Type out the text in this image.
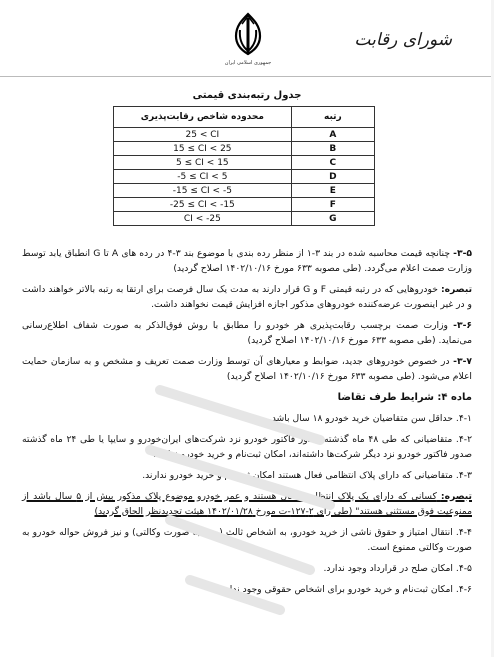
جمهوری اسلامی ایران
شورای رقابت
جدول رتبه‌بندی قیمتی
رتبه	محدوده شاخص رقابت‌پذیری
A	25 < CI
B	15 ≤ CI < 25
C	5 ≤ CI < 15
D	-5 ≤ CI < 5
E	-15 ≤ CI < -5
F	-25 ≤ CI < -15
G	CI < -25

۳-۵- چنانچه قیمت محاسبه شده در بند ۳-۱ از منظر رده بندی با موضوع بند ۳-۴ در رده های A تا G انطباق یابد توسط وزارت صمت اعلام می‌گردد. (طی مصوبه ۶۳۳ مورخ ۱۴۰۲/۱۰/۱۶ اصلاح گردید)

تبصره: خودروهایی که در رتبه قیمتی F و G قرار دارند به مدت یک سال فرصت برای ارتقا به رتبه بالاتر خواهند داشت و در غیر اینصورت عرضه‌کننده خودروهای مذکور اجازه افزایش قیمت نخواهند داشت.

۳-۶- وزارت صمت برچسب رقابت‌پذیری هر خودرو را مطابق با روش فوق‌الذکر به صورت شفاف اطلاع‌رسانی می‌نماید. (طی مصوبه ۶۳۳ مورخ ۱۴۰۲/۱۰/۱۶ اصلاح گردید)

۳-۷- در خصوص خودروهای جدید، ضوابط و معیارهای آن توسط وزارت صمت تعریف و مشخص و به سازمان حمایت اعلام می‌شود. (طی مصوبه ۶۳۳ مورخ ۱۴۰۲/۱۰/۱۶ اصلاح گردید)

ماده ۴: شرایط طرف تقاضا

۴-۱. حداقل سن متقاضیان خرید خودرو ۱۸ سال باشد.

۴-۲. متقاضیانی که طی ۴۸ ماه گذشته صدور فاکتور خودرو نزد شرکت‌های ایران‌خودرو و سایپا یا طی ۲۴ ماه گذشته صدور فاکتور خودرو نزد دیگر شرکت‌ها داشته‌اند، امکان ثبت‌نام و خرید خودرو ندارند.

۴-۳. متقاضیانی که دارای پلاک انتظامی فعال هستند امکان ثبت‌نام و خرید خودرو ندارند.

تبصره: کسانی که دارای یک پلاک انتظامی فعال هستند و عمر خودرو موضوع پلاک مذکور بیش از ۵ سال باشد از ممنوعیت فوق مستثنی هستند" (طی رأی ۲-۱۲۷-ت مورخ ۱۴۰۲/۰۱/۲۸ هیئت تجدیدنظر الحاق گردید)

۴-۴. انتقال امتیاز و حقوق ناشی از خرید خودرو، به اشخاص ثالث (حتی به صورت وکالتی) و نیز فروش حواله خودرو به صورت وکالتی ممنوع است.

۴-۵. امکان صلح در قرارداد وجود ندارد.

۴-۶. امکان ثبت‌نام و خرید خودرو برای اشخاص حقوقی وجود ندارد.
